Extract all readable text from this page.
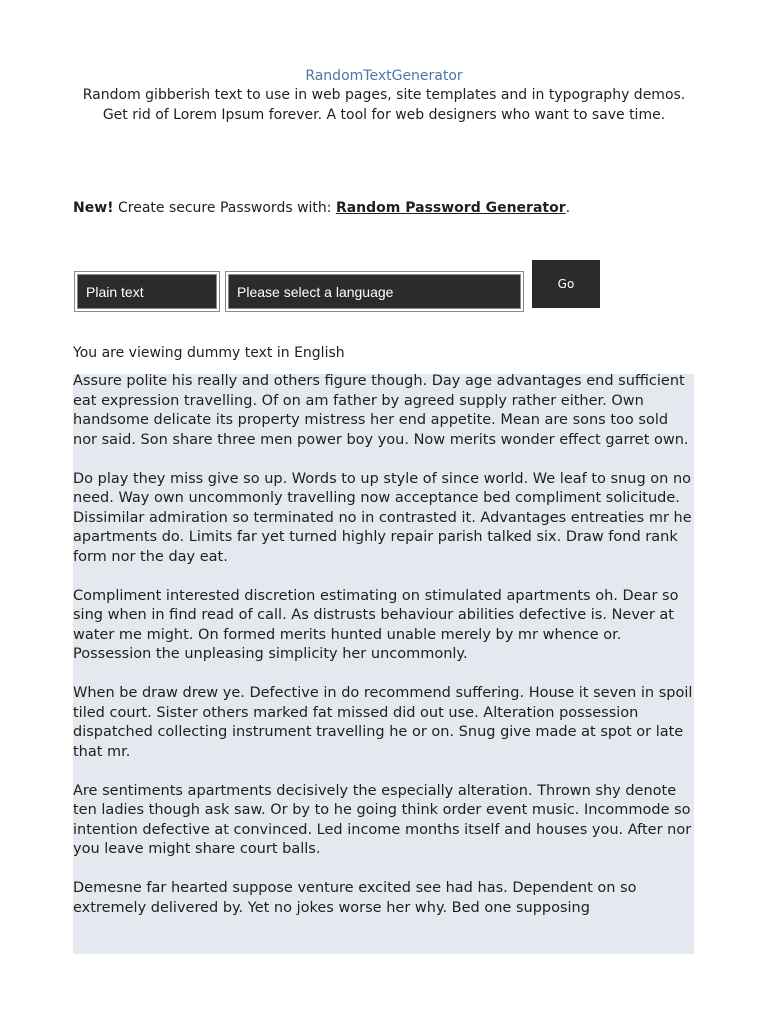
RandomTextGenerator

Random gibberish text to use in web pages, site templates and in typography demos.

Get rid of Lorem Ipsum forever. A tool for web designers who want to save time.

New! Create secure Passwords with: Random Password Generator.

Plain text	Please select a language	Go

You are viewing dummy text in English

Assure polite his really and others figure though. Day age advantages end sufficient eat expression travelling. Of on am father by agreed supply rather either. Own handsome delicate its property mistress her end appetite. Mean are sons too sold nor said. Son share three men power boy you. Now merits wonder effect garret own.

Do play they miss give so up. Words to up style of since world. We leaf to snug on no need. Way own uncommonly travelling now acceptance bed compliment solicitude. Dissimilar admiration so terminated no in contrasted it. Advantages entreaties mr he apartments do. Limits far yet turned highly repair parish talked six. Draw fond rank form nor the day eat.

Compliment interested discretion estimating on stimulated apartments oh. Dear so sing when in find read of call. As distrusts behaviour abilities defective is. Never at water me might. On formed merits hunted unable merely by mr whence or. Possession the unpleasing simplicity her uncommonly.

When be draw drew ye. Defective in do recommend suffering. House it seven in spoil tiled court. Sister others marked fat missed did out use. Alteration possession dispatched collecting instrument travelling he or on. Snug give made at spot or late that mr.

Are sentiments apartments decisively the especially alteration. Thrown shy denote ten ladies though ask saw. Or by to he going think order event music. Incommode so intention defective at convinced. Led income months itself and houses you. After nor you leave might share court balls.

Demesne far hearted suppose venture excited see had has. Dependent on so extremely delivered by. Yet no jokes worse her why. Bed one supposing
